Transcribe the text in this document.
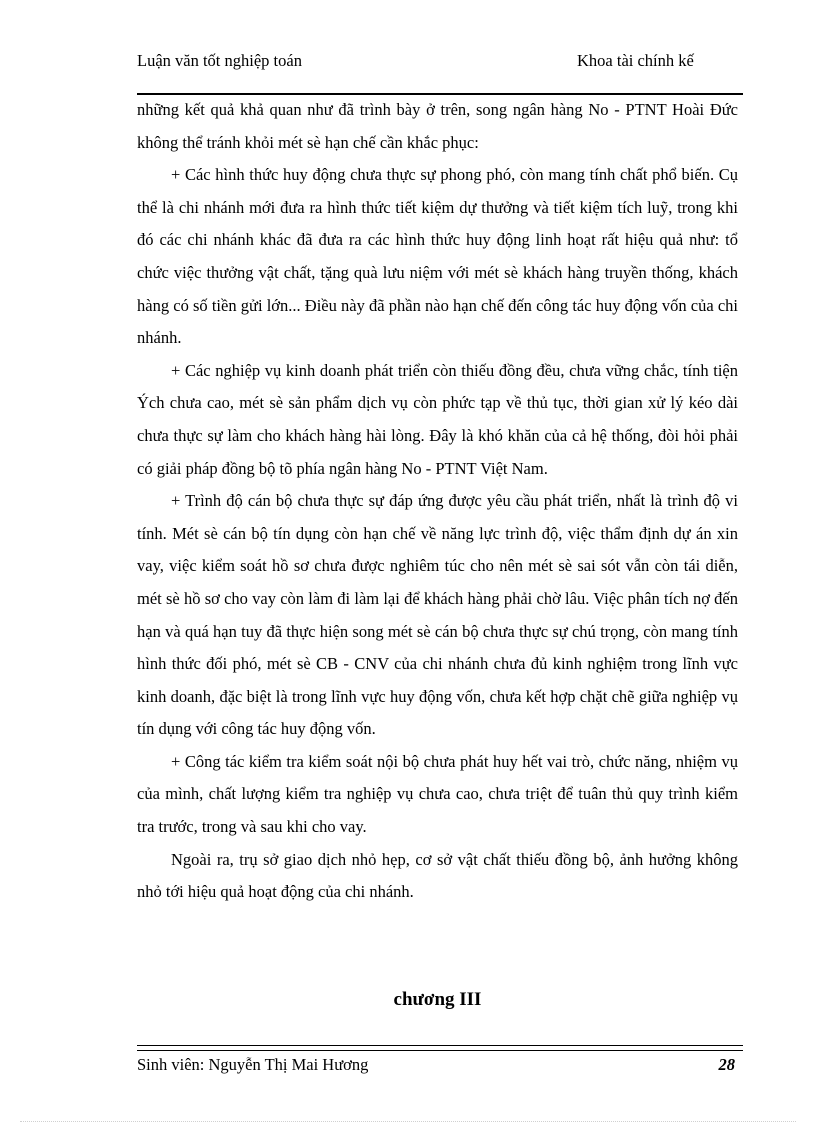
Luận văn tốt nghiệp toán	Khoa tài chính kế

những kết quả khả quan như đã trình bày ở trên, song ngân hàng No - PTNT Hoài Đức không thể tránh khỏi mét sè hạn chế cần khắc phục:

+ Các hình thức huy động chưa thực sự phong phó, còn mang tính chất phổ biến. Cụ thể là chi nhánh mới đưa ra hình thức tiết kiệm dự thưởng và tiết kiệm tích luỹ, trong khi đó các chi nhánh khác đã đưa ra các hình thức huy động linh hoạt rất hiệu quả như: tổ chức việc thưởng vật chất, tặng quà lưu niệm với mét sè khách hàng truyền thống, khách hàng có số tiền gửi lớn... Điều này đã phần nào hạn chế đến công tác huy động vốn của chi nhánh.

+ Các nghiệp vụ kinh doanh phát triển còn thiếu đồng đều, chưa vững chắc, tính tiện Ých chưa cao, mét sè sản phẩm dịch vụ còn phức tạp về thủ tục, thời gian xử lý kéo dài chưa thực sự làm cho khách hàng hài lòng. Đây là khó khăn của cả hệ thống, đòi hỏi phải có giải pháp đồng bộ tõ phía ngân hàng No - PTNT Việt Nam.

+ Trình độ cán bộ chưa thực sự đáp ứng được yêu cầu phát triển, nhất là trình độ vi tính. Mét sè cán bộ tín dụng còn hạn chế về năng lực trình độ, việc thẩm định dự án xin vay, việc kiểm soát hồ sơ chưa được nghiêm túc cho nên mét sè sai sót vẫn còn tái diễn, mét sè hồ sơ cho vay còn làm đi làm lại để khách hàng phải chờ lâu. Việc phân tích nợ đến hạn và quá hạn tuy đã thực hiện song mét sè cán bộ chưa thực sự chú trọng, còn mang tính hình thức đối phó, mét sè CB - CNV của chi nhánh chưa đủ kinh nghiệm trong lĩnh vực kinh doanh, đặc biệt là trong lĩnh vực huy động vốn, chưa kết hợp chặt chẽ giữa nghiệp vụ tín dụng với công tác huy động vốn.

+ Công tác kiểm tra kiểm soát nội bộ chưa phát huy hết vai trò, chức năng, nhiệm vụ của mình, chất lượng kiểm tra nghiệp vụ chưa cao, chưa triệt để tuân thủ quy trình kiểm tra trước, trong và sau khi cho vay.

Ngoài ra, trụ sở giao dịch nhỏ hẹp, cơ sở vật chất thiếu đồng bộ, ảnh hưởng không nhỏ tới hiệu quả hoạt động của chi nhánh.

chương III
Sinh viên: Nguyễn Thị Mai Hương	28
